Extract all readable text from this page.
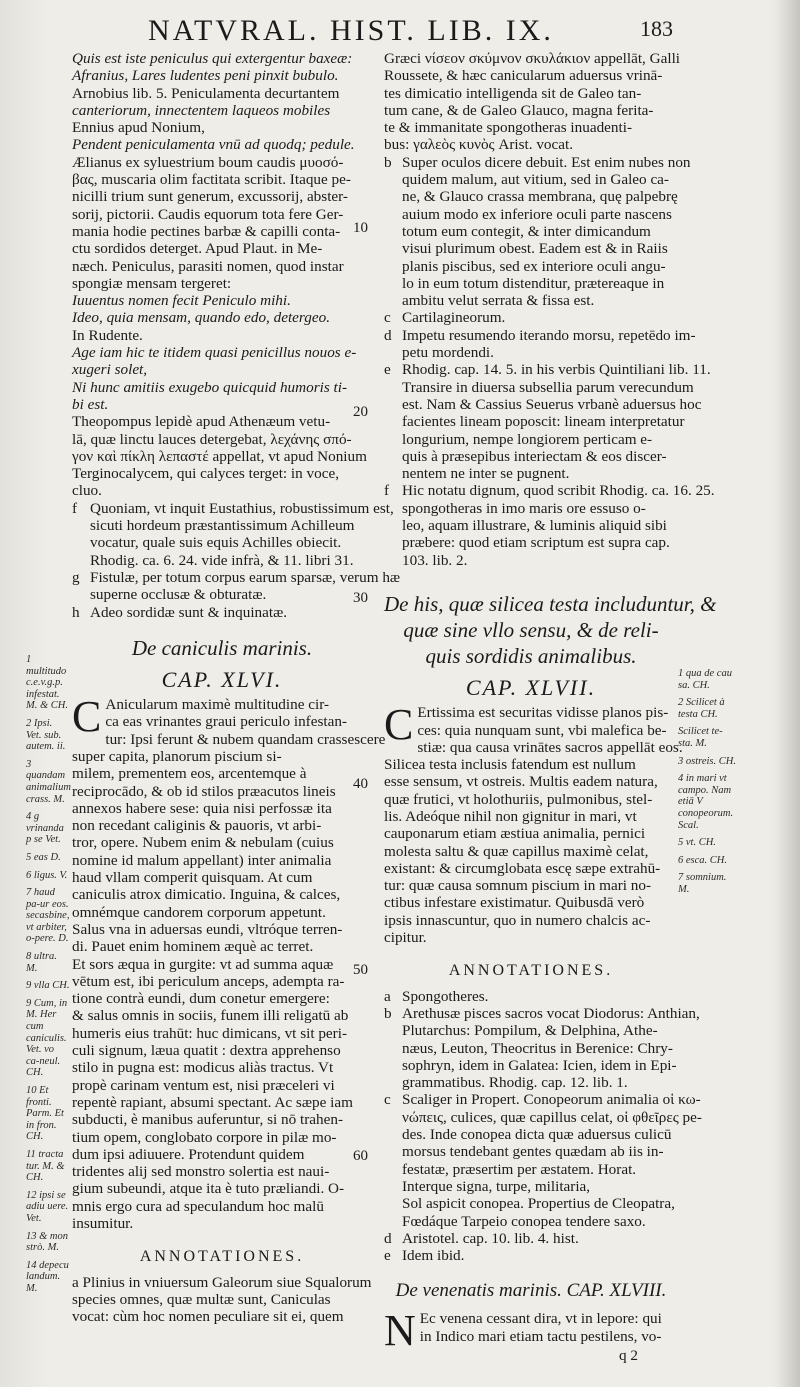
NATVRAL. HIST. LIB. IX.	183
Quis est iste peniculus qui extergentur baxeæ:
Afranius, Lares ludentes peni pinxit bubulo.
Arnobius lib. 5. Peniculamenta decurtantem
canteriorum, innectentem laqueos mobiles
Ennius apud Nonium,
Pendent peniculamenta vnū ad quodq; pedule.
Ælianus ex syluestrium boum caudis μυοσό-
βας, muscaria olim factitata scribit. Itaque pe-
nicilli trium sunt generum, excussorij, abster-
sorij, pictorii. Caudis equorum tota fere Ger-
mania hodie pectines barbæ & capilli conta-
ctu sordidos deterget. Apud Plaut. in Me-
næch. Peniculus, parasiti nomen, quod instar
spongiæ mensam tergeret:
Iuuentus nomen fecit Peniculo mihi.
Ideo, quia mensam, quando edo, detergeo.
In Rudente.
Age iam hic te itidem quasi penicillus nouos e-
xugeri solet,
Ni hunc amitiis exugebo quicquid humoris ti-
bi est.
Theopompus lepidè apud Athenæum vetu-
lā, quæ linctu lauces detergebat, λεχάνης σπό-
γον καὶ πίκλη λεπαστέ appellat, vt apud Nonium
Terginocalycem, qui calyces terget: in voce,
cluo.
f Quoniam, vt inquit Eustathius, robustissimum est,
sicuti hordeum præstantissimum Achilleum
vocatur, quale suis equis Achilles obiecit.
Rhodig. ca. 6. 24. vide infrà, & 11. libri 31.
g Fistulæ, per totum corpus earum sparsæ, verum hæ
superne occlusæ & obturatæ.
h Adeo sordidæ sunt & inquinatæ.
De caniculis marinis.
CAP. XLVI.
C Anicularum maximè multitudine cir-
ca eas vrinantes graui periculo infestan-
tur: Ipsi ferunt & nubem quandam crassescere
super capita, planorum piscium si-
milem, prementem eos, arcentemque à
reciprocādo, & ob id stilos præacutos lineis
annexos habere sese: quia nisi perfossæ ita
non recedant caliginis & pauoris, vt arbi-
tror, opere. Nubem enim & nebulam (cuius
nomine id malum appellant) inter animalia
haud vllam comperit quisquam. At cum
caniculis atrox dimicatio. Inguina, & calces,
omnémque candorem corporum appetunt.
Salus vna in aduersas eundi, vltróque terren-
di. Pauet enim hominem æquè ac terret.
Et sors æqua in gurgite: vt ad summa aquæ
vētum est, ibi periculum anceps, adempta ra-
tione contrà eundi, dum conetur emergere:
& salus omnis in sociis, funem illi religatū ab
humeris eius trahūt: huc dimicans, vt sit peri-
culi signum, læua quatit : dextra apprehenso
stilo in pugna est: modicus aliàs tractus. Vt
propè carinam ventum est, nisi præceleri vi
repentè rapiant, absumi spectant. Ac sæpe iam
subducti, è manibus auferuntur, si nō trahen-
tium opem, conglobato corpore in pilæ mo-
dum ipsi adiuuere. Protendunt quidem
tridentes alij sed monstro solertia est naui-
gium subeundi, atque ita è tuto præliandi. O-
mnis ergo cura ad speculandum hoc malū
insumitur.
ANNOTATIONES.
a Plinius in vniuersum Galeorum siue Squalorum
species omnes, quæ multæ sunt, Caniculas
vocat: cùm hoc nomen peculiare sit ei, quem
Græci νίσεον σκύμνον σκυλάκιον appellāt, Galli
Roussete, & hæc canicularum aduersus vrinā-
tes dimicatio intelligenda sit de Galeo tan-
tum cane, & de Galeo Glauco, magna ferita-
te & immanitate spongotheras inuadenti-
bus: γαλεὸς κυνὸς Arist. vocat.
b Super oculos dicere debuit. Est enim nubes non
quidem malum, aut vitium, sed in Galeo ca-
ne, & Glauco crassa membrana, quę palpebrę
auium modo ex inferiore oculi parte nascens
totum eum contegit, & inter dimicandum
visui plurimum obest. Eadem est & in Raiis
planis piscibus, sed ex interiore oculi angu-
lo in eum totum distenditur, prætereaque in
ambitu velut serrata & fissa est.
c Cartilagineorum.
d Impetu resumendo iterando morsu, repetēdo im-
petu mordendi.
e Rhodig. cap. 14. 5. in his verbis Quintiliani lib. 11.
Transire in diuersa subsellia parum verecundum
est. Nam & Cassius Seuerus vrbanè aduersus hoc
facientes lineam poposcit: lineam interpretatur
longurium, nempe longiorem perticam e-
quis à præsepibus interiectam & eos discer-
nentem ne inter se pugnent.
f Hic notatu dignum, quod scribit Rhodig. ca. 16. 25.
spongotheras in imo maris ore essuso o-
leo, aquam illustrare, & luminis aliquid sibi
præbere: quod etiam scriptum est supra cap.
103. lib. 2.
De his, quæ silicea testa includuntur, &
quæ sine vllo sensu, & de reli-
quis sordidis animalibus.
CAP. XLVII.
C Ertissima est securitas vidisse planos pis-
ces: quia nunquam sunt, vbi malefica be-
stiæ: qua causa vrinātes sacros appellāt eos.
Silicea testa inclusis fatendum est nullum
esse sensum, vt ostreis. Multis eadem natura,
quæ frutici, vt holothuriis, pulmonibus, stel-
lis. Adeóque nihil non gignitur in mari, vt
cauponarum etiam æstiua animalia, pernici
molesta saltu & quæ capillus maximè celat,
existant: & circumglobata escę sæpe extrahū-
tur: quæ causa somnum piscium in mari no-
ctibus infestare existimatur. Quibusdā verò
ipsis innascuntur, quo in numero chalcis ac-
cipitur.
ANNOTATIONES.
a Spongotheres.
b Arethusæ pisces sacros vocat Diodorus: Anthian,
Plutarchus: Pompilum, & Delphina, Athe-
næus, Leuton, Theocritus in Berenice: Chry-
sophryn, idem in Galatea: Icien, idem in Epi-
grammatibus. Rhodig. cap. 12. lib. 1.
c Scaliger in Propert. Conopeorum animalia οἱ κω-
νώπεις, culices, quæ capillus celat, οἱ φθεῖρες pe-
des. Inde conopea dicta quæ aduersus culicū
morsus tendebant gentes quædam ab iis in-
festatæ, præsertim per æstatem. Horat.
Interque signa, turpe, militaria,
Sol aspicit conopea. Propertius de Cleopatra,
Fœdáque Tarpeio conopea tendere saxo.
d Aristotel. cap. 10. lib. 4. hist.
e Idem ibid.
De venenatis marinis. CAP. XLVIII.
N Ec venena cessant dira, vt in lepore: qui
in Indico mari etiam tactu pestilens, vo-
q 2
10
20
30
40
50
60
1 multitudo c.e.v.g.p. infestat. M. & CH.
2 Ipsi. Vet. sub. autem. ii.
3 quandam animalium crass. M.
4 g vrinanda p se Vet.
5 eas D.
6 ligus. V.
7 haud pa-ur eos. secasbine, vt arbiter, o-pere. D.
8 ultra. M.
9 vlla CH.
9 Cum, in M. Her cum caniculis. Vet. vo ca-neul. CH.
10 Et fronti. Parm. Et in fron. CH.
11 tracta tur. M. & CH.
12 ipsi se adiu uere. Vet.
13 & mon strò. M.
14 depecu landum. M.
1 qua de cau sa. CH.
2 Scilicet à testa CH.
Scilicet te-sta. M.
3 ostreis. CH.
4 in mari vt campo. Nam etiā V conopeorum. Scal.
5 vt. CH.
6 esca. CH.
7 somnium. M.
